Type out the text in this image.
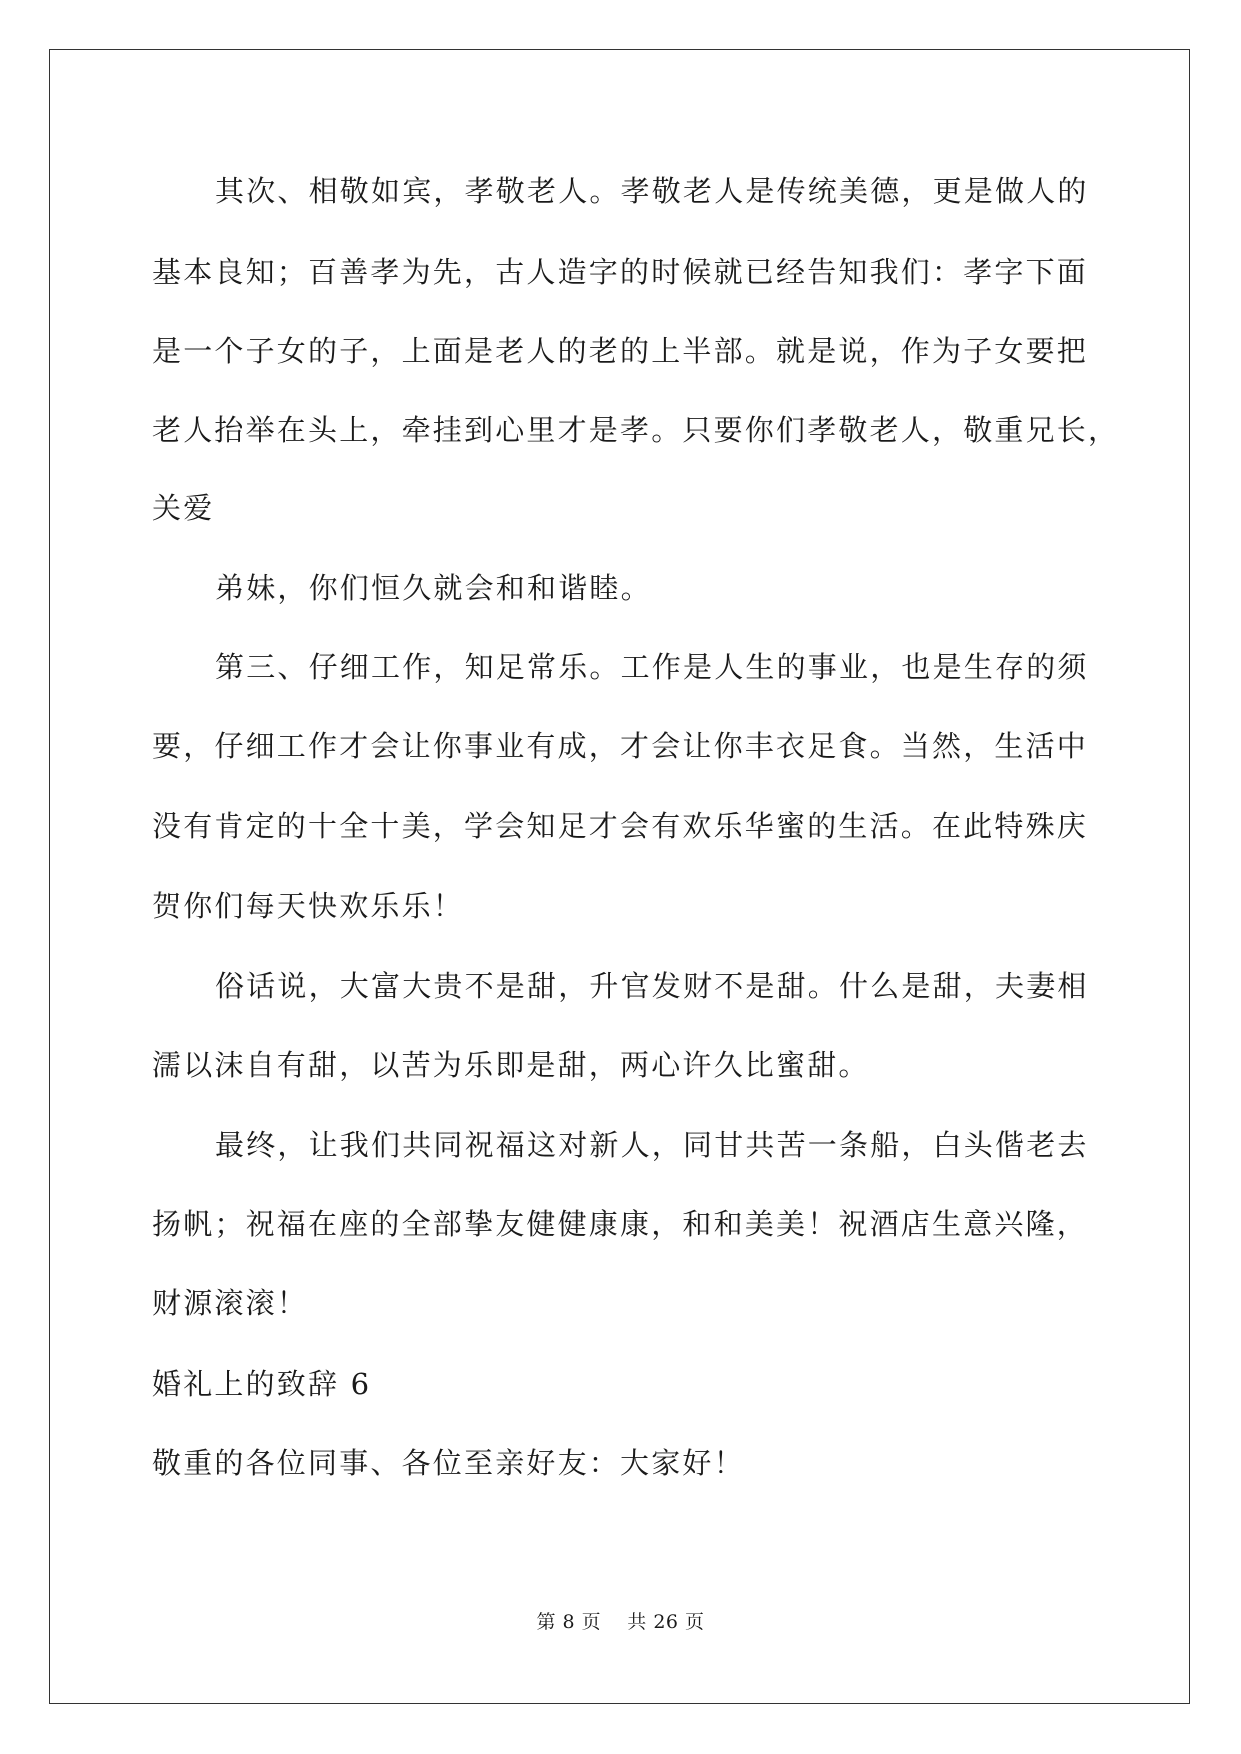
其次、相敬如宾，孝敬老人。孝敬老人是传统美德，更是做人的
基本良知；百善孝为先，古人造字的时候就已经告知我们：孝字下面
是一个子女的子，上面是老人的老的上半部。就是说，作为子女要把
老人抬举在头上，牵挂到心里才是孝。只要你们孝敬老人，敬重兄长，
关爱
弟妹，你们恒久就会和和谐睦。
第三、仔细工作，知足常乐。工作是人生的事业，也是生存的须
要，仔细工作才会让你事业有成，才会让你丰衣足食。当然，生活中
没有肯定的十全十美，学会知足才会有欢乐华蜜的生活。在此特殊庆
贺你们每天快欢乐乐！
俗话说，大富大贵不是甜，升官发财不是甜。什么是甜，夫妻相
濡以沫自有甜，以苦为乐即是甜，两心许久比蜜甜。
最终，让我们共同祝福这对新人，同甘共苦一条船，白头偕老去
扬帆；祝福在座的全部挚友健健康康，和和美美！祝酒店生意兴隆，
财源滚滚！
婚礼上的致辞 6
敬重的各位同事、各位至亲好友：大家好！
第 8 页    共 26 页
